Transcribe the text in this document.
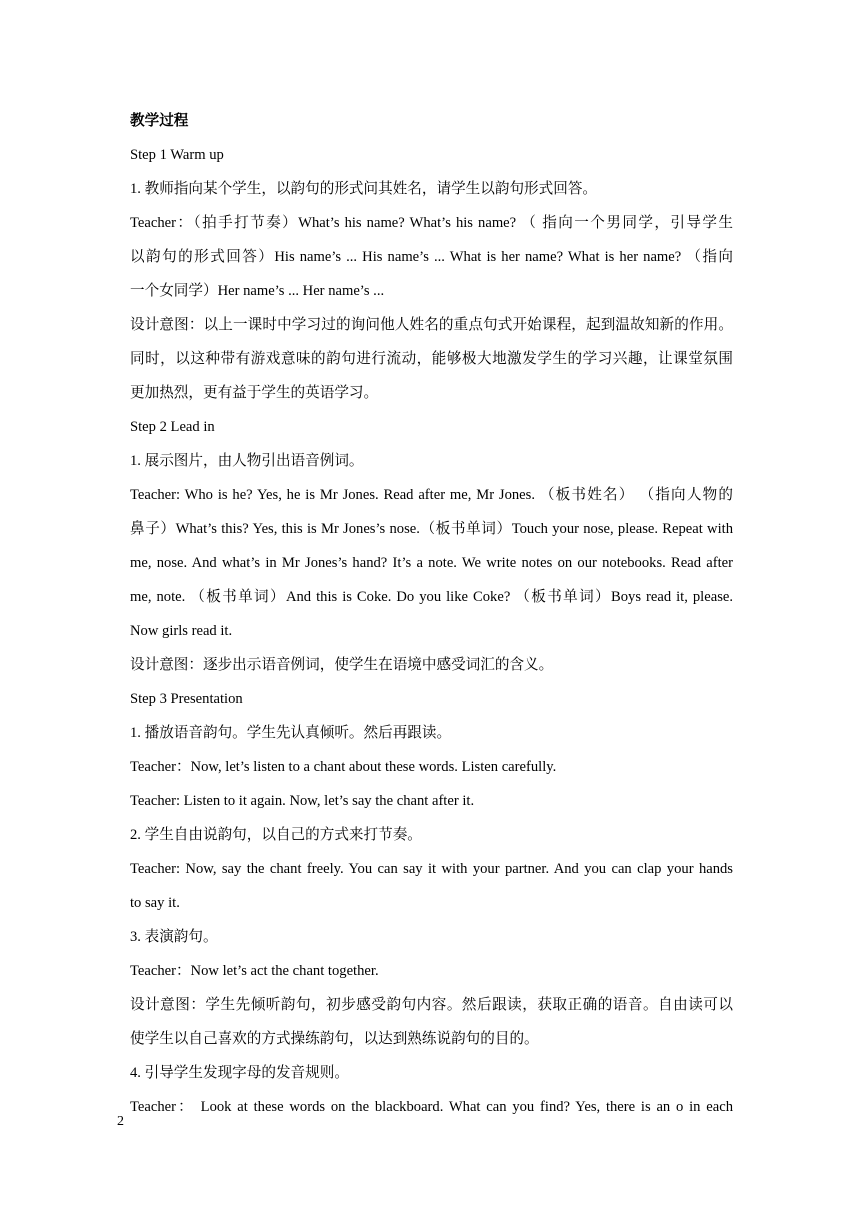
教学过程
Step 1 Warm up
1. 教师指向某个学生，以韵句的形式问其姓名，请学生以韵句形式回答。
Teacher：（拍手打节奏）What’s his name? What’s his name? （ 指向一个男同学，引导学生
以韵句的形式回答）His name’s ... His name’s ... What is her name? What is her name? （指向
一个女同学）Her name’s ... Her name’s ...
设计意图：以上一课时中学习过的询问他人姓名的重点句式开始课程，起到温故知新的作用。
同时，以这种带有游戏意味的韵句进行流动，能够极大地激发学生的学习兴趣，让课堂氛围
更加热烈，更有益于学生的英语学习。
Step 2 Lead in
1. 展示图片，由人物引出语音例词。
Teacher: Who is he? Yes, he is Mr Jones. Read after me, Mr Jones. （板书姓名） （指向人物的
鼻子）What’s this? Yes, this is Mr Jones’s nose.（板书单词）Touch your nose, please. Repeat with
me, nose. And what’s in Mr Jones’s hand? It’s a note. We write notes on our notebooks. Read after
me, note. （板书单词）And this is Coke. Do you like Coke? （板书单词）Boys read it, please.
Now girls read it.
设计意图：逐步出示语音例词，使学生在语境中感受词汇的含义。
Step 3 Presentation
1. 播放语音韵句。学生先认真倾听。然后再跟读。
Teacher：Now, let’s listen to a chant about these words. Listen carefully.
Teacher: Listen to it again. Now, let’s say the chant after it.
2. 学生自由说韵句，以自己的方式来打节奏。
Teacher: Now, say the chant freely. You can say it with your partner. And you can clap your hands
to say it.
3. 表演韵句。
Teacher：Now let’s act the chant together.
设计意图：学生先倾听韵句，初步感受韵句内容。然后跟读，获取正确的语音。自由读可以
使学生以自己喜欢的方式操练韵句，以达到熟练说韵句的目的。
4. 引导学生发现字母的发音规则。
Teacher： Look at these words on the blackboard. What can you find? Yes, there is an o in each
2
